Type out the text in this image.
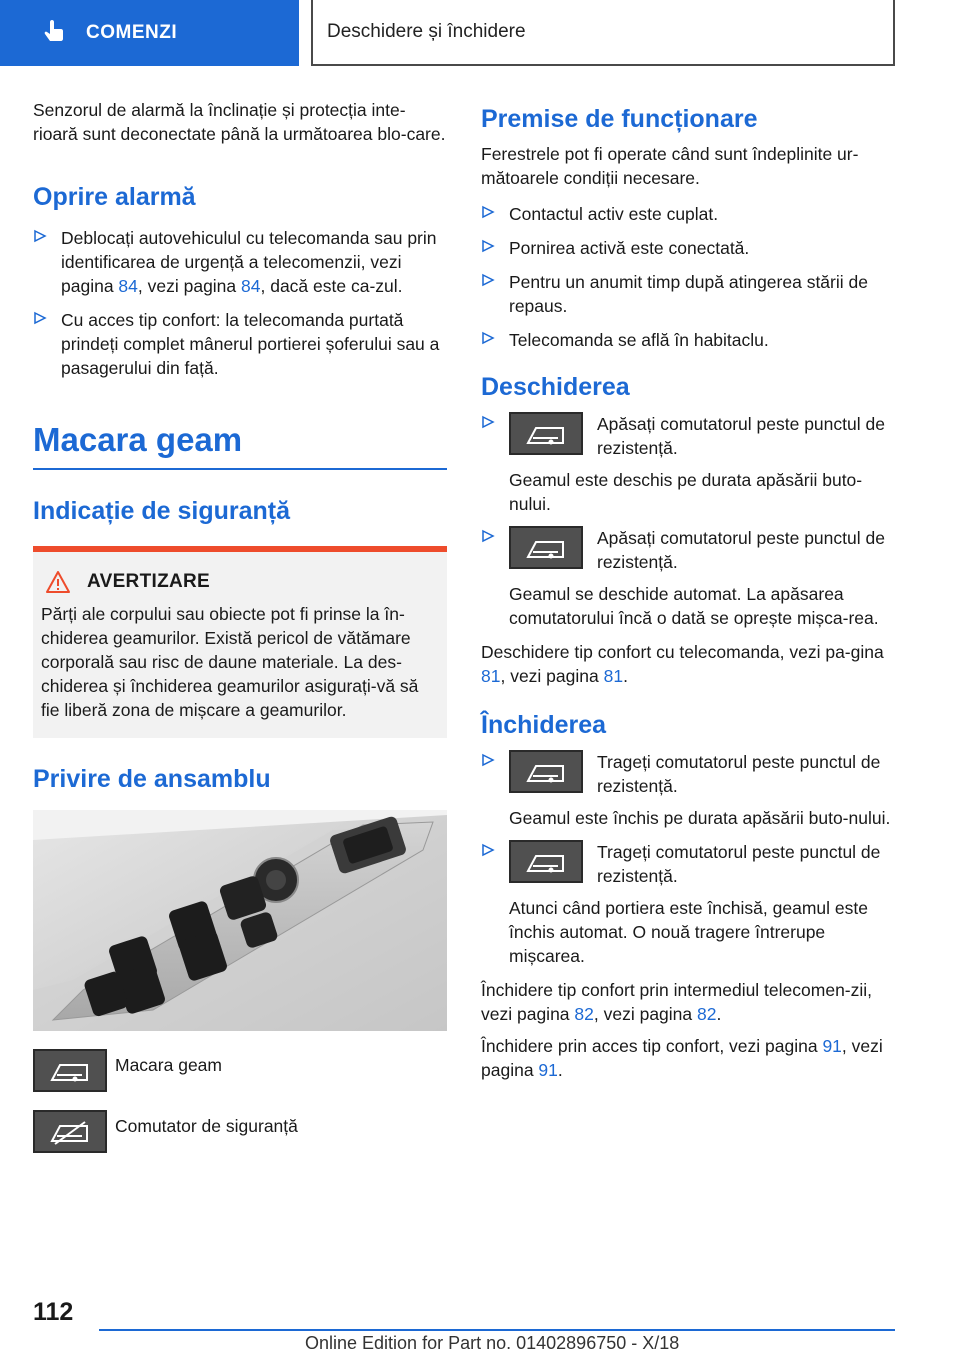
COMENZI	Deschidere și închidere

Senzorul de alarmă la înclinație și protecția inte-rioară sunt deconectate până la următoarea blo-care.

Oprire alarmă
Deblocați autovehiculul cu telecomanda sau prin identificarea de urgență a telecomenzii, vezi pagina 84, vezi pagina 84, dacă este ca-zul.
Cu acces tip confort: la telecomanda purtată prindeți complet mânerul portierei șoferului sau a pasagerului din față.
Macara geam
Indicație de siguranță
AVERTIZARE

Părți ale corpului sau obiecte pot fi prinse la în-chiderea geamurilor. Există pericol de vătămare corporală sau risc de daune materiale. La des-chiderea și închiderea geamurilor asigurați-vă să fie liberă zona de mișcare a geamurilor.

Privire de ansamblu
Macara geam
Comutator de siguranță
Premise de funcționare

Ferestrele pot fi operate când sunt îndeplinite ur-mătoarele condiții necesare.

Contactul activ este cuplat.
Pornirea activă este conectată.
Pentru un anumit timp după atingerea stării de repaus.
Telecomanda se află în habitaclu.
Deschiderea
Apăsați comutatorul peste punctul de rezistență.

Geamul este deschis pe durata apăsării buto-nului.

Apăsați comutatorul peste punctul de rezistență.

Geamul se deschide automat. La apăsarea comutatorului încă o dată se oprește mișca-rea.

Deschidere tip confort cu telecomanda, vezi pa-gina 81, vezi pagina 81.

Închiderea
Trageți comutatorul peste punctul de rezistență.

Geamul este închis pe durata apăsării buto-nului.

Trageți comutatorul peste punctul de rezistență.

Atunci când portiera este închisă, geamul este închis automat. O nouă tragere întrerupe mișcarea.

Închidere tip confort prin intermediul telecomen-zii, vezi pagina 82, vezi pagina 82.

Închidere prin acces tip confort, vezi pagina 91, vezi pagina 91.

112
Online Edition for Part no. 01402896750 - X/18
